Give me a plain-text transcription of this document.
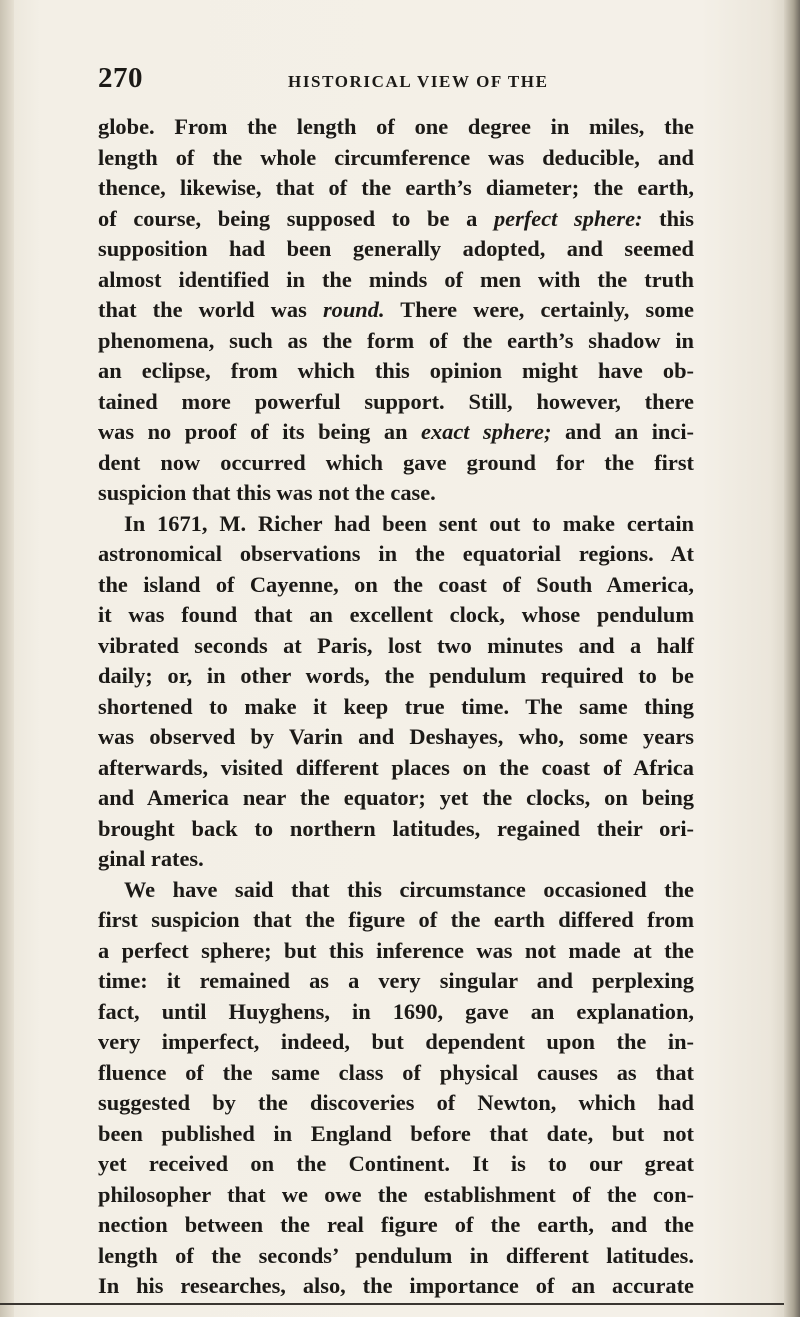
270	HISTORICAL VIEW OF THE
globe. From the length of one degree in miles, the
length of the whole circumference was deducible, and
thence, likewise, that of the earth’s diameter; the earth,
of course, being supposed to be a perfect sphere: this
supposition had been generally adopted, and seemed
almost identified in the minds of men with the truth
that the world was round. There were, certainly, some
phenomena, such as the form of the earth’s shadow in
an eclipse, from which this opinion might have ob-
tained more powerful support. Still, however, there
was no proof of its being an exact sphere; and an inci-
dent now occurred which gave ground for the first
suspicion that this was not the case.
In 1671, M. Richer had been sent out to make certain
astronomical observations in the equatorial regions. At
the island of Cayenne, on the coast of South America,
it was found that an excellent clock, whose pendulum
vibrated seconds at Paris, lost two minutes and a half
daily; or, in other words, the pendulum required to be
shortened to make it keep true time. The same thing
was observed by Varin and Deshayes, who, some years
afterwards, visited different places on the coast of Africa
and America near the equator; yet the clocks, on being
brought back to northern latitudes, regained their ori-
ginal rates.
We have said that this circumstance occasioned the
first suspicion that the figure of the earth differed from
a perfect sphere; but this inference was not made at the
time: it remained as a very singular and perplexing
fact, until Huyghens, in 1690, gave an explanation,
very imperfect, indeed, but dependent upon the in-
fluence of the same class of physical causes as that
suggested by the discoveries of Newton, which had
been published in England before that date, but not
yet received on the Continent. It is to our great
philosopher that we owe the establishment of the con-
nection between the real figure of the earth, and the
length of the seconds’ pendulum in different latitudes.
In his researches, also, the importance of an accurate
